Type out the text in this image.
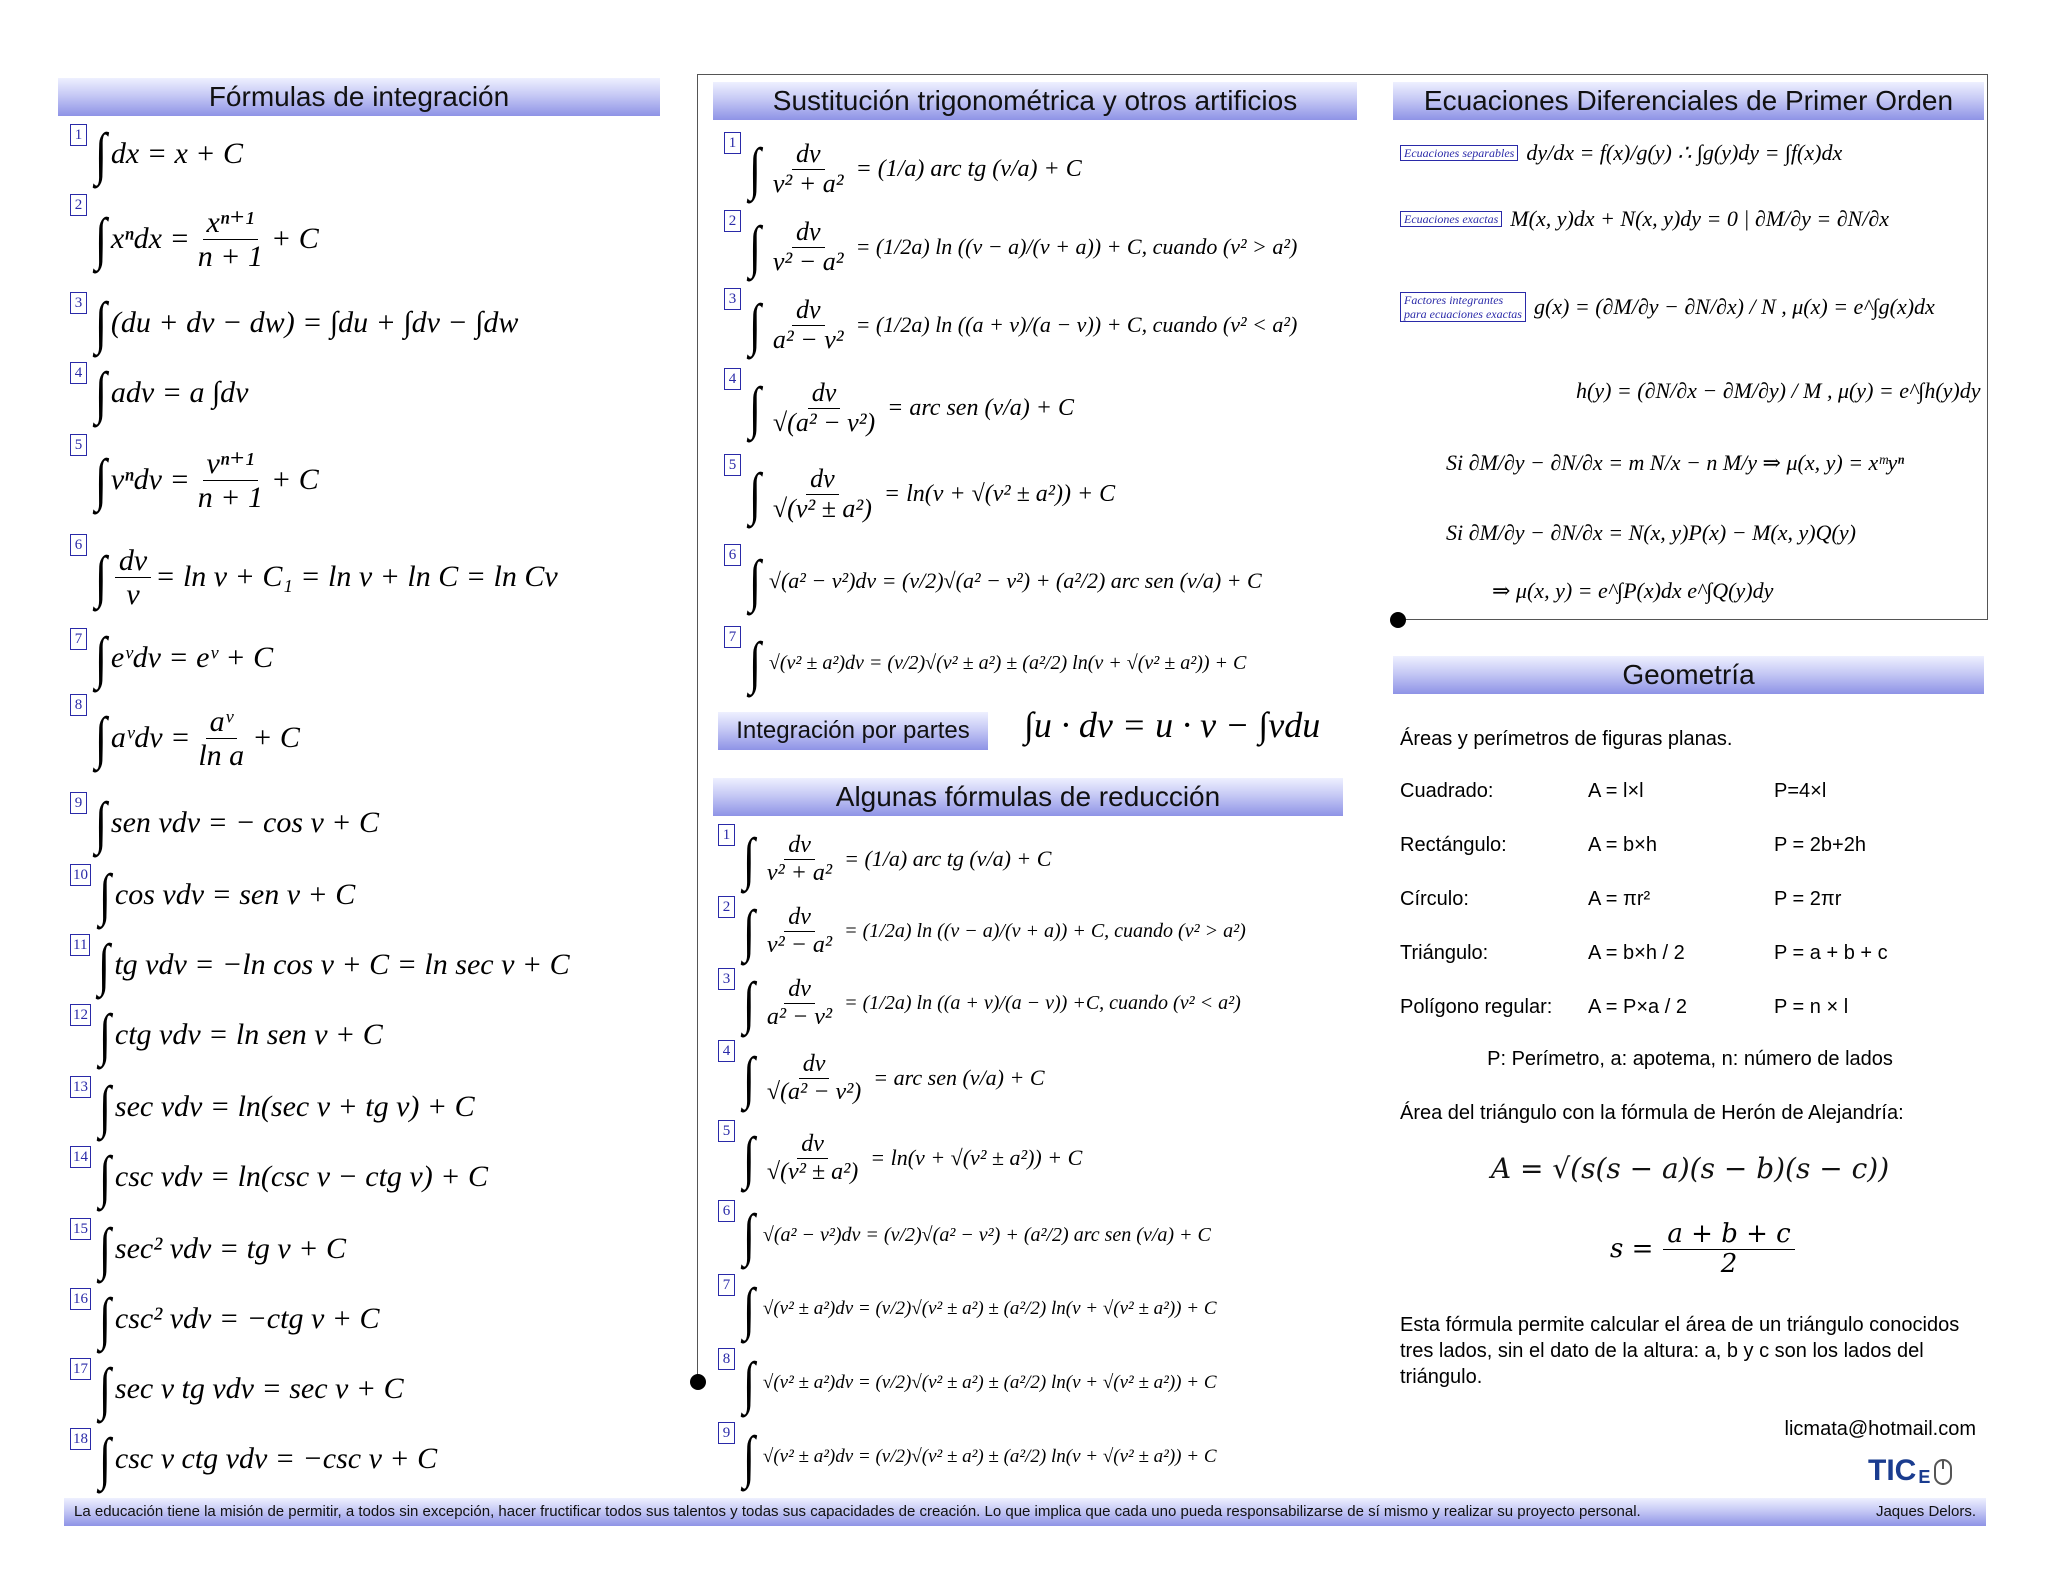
Fórmulas de integración	Sustitución trigonométrica y otros artificios	Ecuaciones Diferenciales de Primer Orden
Integración por partes
Algunas fórmulas de reducción
Geometría
1 ∫ dx = x + C
2
∫ $x^ndx = \frac{\text{xⁿ⁺¹}}{n + 1} + C$
3 ∫ (du + dv − dw) = ∫du + ∫dv − ∫dw
4 ∫ adv = a ∫dv
5
∫ $v^ndv = \frac{\text{vⁿ⁺¹}}{n + 1} + C$
6 ∫ $\frac{dv}{v} = \ln v + C_1 = \ln v + \ln C = \ln Cv$
7 ∫ eᵛdv = eᵛ + C
8 ∫ aᵛdv = $\frac{\text{aᵛ}}{\text{ln a}} + C$
9 ∫ sen vdv = − cos v + C
10 ∫ cos vdv = sen v + C
11 ∫ tg vdv = −ln cos v + C = ln sec v + C
12 ∫ ctg vdv = ln sen v + C
13 ∫ sec vdv = ln(sec v + tg v) + C
14 ∫ csc vdv = ln(csc v − ctg v) + C
15 ∫ sec² vdv = tg v + C
16 ∫ csc² vdv = −ctg v + C
17 ∫ sec v tg vdv = sec v + C
18 ∫ csc v ctg vdv = −csc v + C
1 ∫ $\frac{dv}{\text{v² + a²}} = (1/a)$ arc tg (v/a) + C
2 ∫ $\frac{dv}{\text{v² − a²}} = (1/2a)$ ln ((v − a)/(v + a)) + C, cuando (v² > a²)
3 ∫ $\frac{dv}{\text{a² − v²}} = (1/2a)$ ln ((a + v)/(a − v)) + C, cuando (v² < a²)
4 ∫ $\frac{dv}{\text{√(a² − v²)}}$ = arc sen (v/a) + C
5 ∫ $\frac{dv}{\text{√(v² ± a²)}} = \ln(v + √(v^2 \pm a^2)) + C$
6 ∫ √(a² − v²)dv = (v/2)√(a² − v²) + (a²/2) arc sen (v/a) + C
7 ∫ √(v² ± a²)dv = (v/2)√(v² ± a²) ± (a²/2) ln(v + √(v² ± a²)) + C
∫u · dv = u · v − ∫vdu
1 ∫ $\frac{dv}{\text{v² + a²}} = (1/a)$ arc tg (v/a) + C
2 ∫ $\frac{dv}{\text{v² − a²}} = (1/2a)$ ln ((v − a)/(v + a)) + C, cuando (v² > a²)
3 ∫ $\frac{dv}{\text{a² − v²}} = (1/2a)$ ln ((a + v)/(a − v)) +C, cuando (v² < a²)
4 ∫ $\frac{dv}{\text{√(a² − v²)}}$ = arc sen (v/a) + C
5 ∫ $\frac{dv}{\text{√(v² ± a²)}} = \ln(v + √(v^2 \pm a^2)) + C$
6 ∫ √(a² − v²)dv = (v/2)√(a² − v²) + (a²/2) arc sen (v/a) + C
7 ∫ √(v² ± a²)dv = (v/2)√(v² ± a²) ± (a²/2) ln(v + √(v² ± a²)) + C
8 ∫ √(v² ± a²)dv = (v/2)√(v² ± a²) ± (a²/2) ln(v + √(v² ± a²)) + C
9 ∫ √(v² ± a²)dv = (v/2)√(v² ± a²) ± (a²/2) ln(v + √(v² ± a²)) + C
Ecuaciones separables dy/dx = f(x)/g(y) ∴ ∫g(y)dy = ∫f(x)dx
Ecuaciones exactas M(x, y)dx + N(x, y)dy = 0 | ∂M/∂y = ∂N/∂x
Factores integrantes
para ecuaciones exactas g(x) = (∂M/∂y − ∂N/∂x) / N , μ(x) = e^∫g(x)dx
h(y) = (∂N/∂x − ∂M/∂y) / M , μ(y) = e^∫h(y)dy
Si ∂M/∂y − ∂N/∂x = m N/x − n M/y ⇒ μ(x, y) = xᵐyⁿ
Si ∂M/∂y − ∂N/∂x = N(x, y)P(x) − M(x, y)Q(y)
⇒ μ(x, y) = e^∫P(x)dx e^∫Q(y)dy
Áreas y perímetros de figuras planas.
Cuadrado:	A = l×l	P=4×l
Rectángulo:	A = b×h	P = 2b+2h
Círculo:	A = πr²	P = 2πr
Triángulo:	A = b×h / 2	P = a + b + c
Polígono regular:	A = P×a / 2	P = n × l
P: Perímetro, a: apotema, n: número de lados
Área del triángulo con la fórmula de Herón de Alejandría:
A = √(s(s − a)(s − b)(s − c))
$s = \frac{a + b + c}{2}$
Esta fórmula permite calcular el área de un triángulo conocidos tres lados, sin el dato de la altura: a, b y c son los lados del triángulo.
licmata@hotmail.com
TIC E
La educación tiene la misión de permitir, a todos sin excepción, hacer fructificar todos sus talentos y todas sus capacidades de creación. Lo que implica que cada uno pueda responsabilizarse de sí mismo y realizar su proyecto personal.	Jaques Delors.
